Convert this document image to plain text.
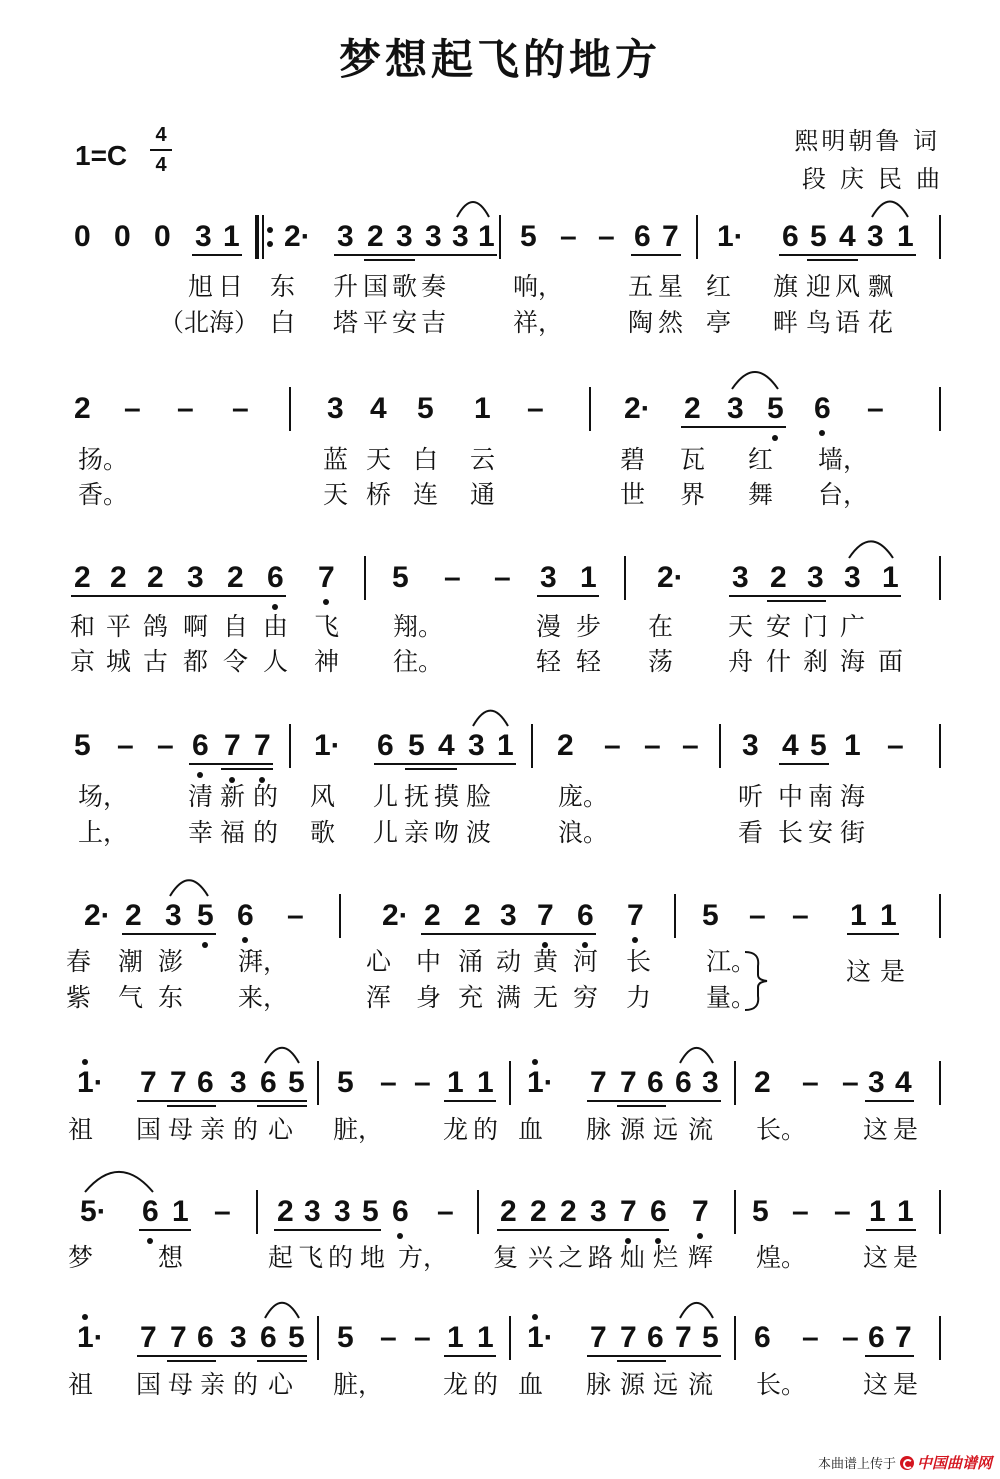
梦想起飞的地方
熙明朝鲁 词
段庆民曲
1=C
4
4
0 0 0 3 1 2· 3 2 3 3 3 1 5 – – 6 7 1· 6 5 4 3 1
旭 日 东 升 国 歌 奏	响，	五 星 红 旗 迎 风 飘
（北海） 白 塔 平 安 吉	祥，	陶 然 亭 畔 鸟 语 花
2 – – –	3 4 5 1 –	2· 2 3 5 6 –
扬。	蓝 天 白 云	碧 瓦 红 墙，
香。	天 桥 连 通	世 界 舞 台，
2 2 2 3 2 6 7 5 – – 3 1 2· 3 2 3 3 1
和 平 鸽 啊 自 由 飞 翔。	漫 步 在 天 安 门 广
京 城 古 都 令 人 神 往。	轻 轻 荡 舟 什 刹 海 面
5 – – 6 7 7 1· 6 5 4 3 1 2 – – – 3 4 5 1 –
场， 清 新 的 风 儿 抚 摸 脸	庞。	听 中 南 海
上， 幸 福 的 歌 儿 亲 吻 波	浪。	看 长 安 街
2· 2 3 5 6 –	2· 2 2 3 7 6 7 5 – – 1 1
春 潮 澎 湃，	心 中 涌 动 黄 河 长 江。
紫 气 东 来，	浑 身 充 满 无 穷 力 量。
这 是
1· 7 7 6 3 6 5 5 – – 1 1 1· 7 7 6 6 3 2 – – 3 4
祖 国 母 亲 的 心 脏， 龙 的 血 脉 源 远 流 长。 这 是
5· 6 1 – 2 3 3 5 6 – 2 2 2 3 7 6 7 5 – – 1 1
梦	想	起 飞 的 地 方， 复 兴 之 路 灿 烂 辉 煌。 这 是
1· 7 7 6 3 6 5 5 – – 1 1 1· 7 7 6 7 5 6 – – 6 7
祖 国 母 亲 的 心 脏， 龙 的 血 脉 源 远 流 长。 这 是
本曲谱上传于 中国曲谱网
